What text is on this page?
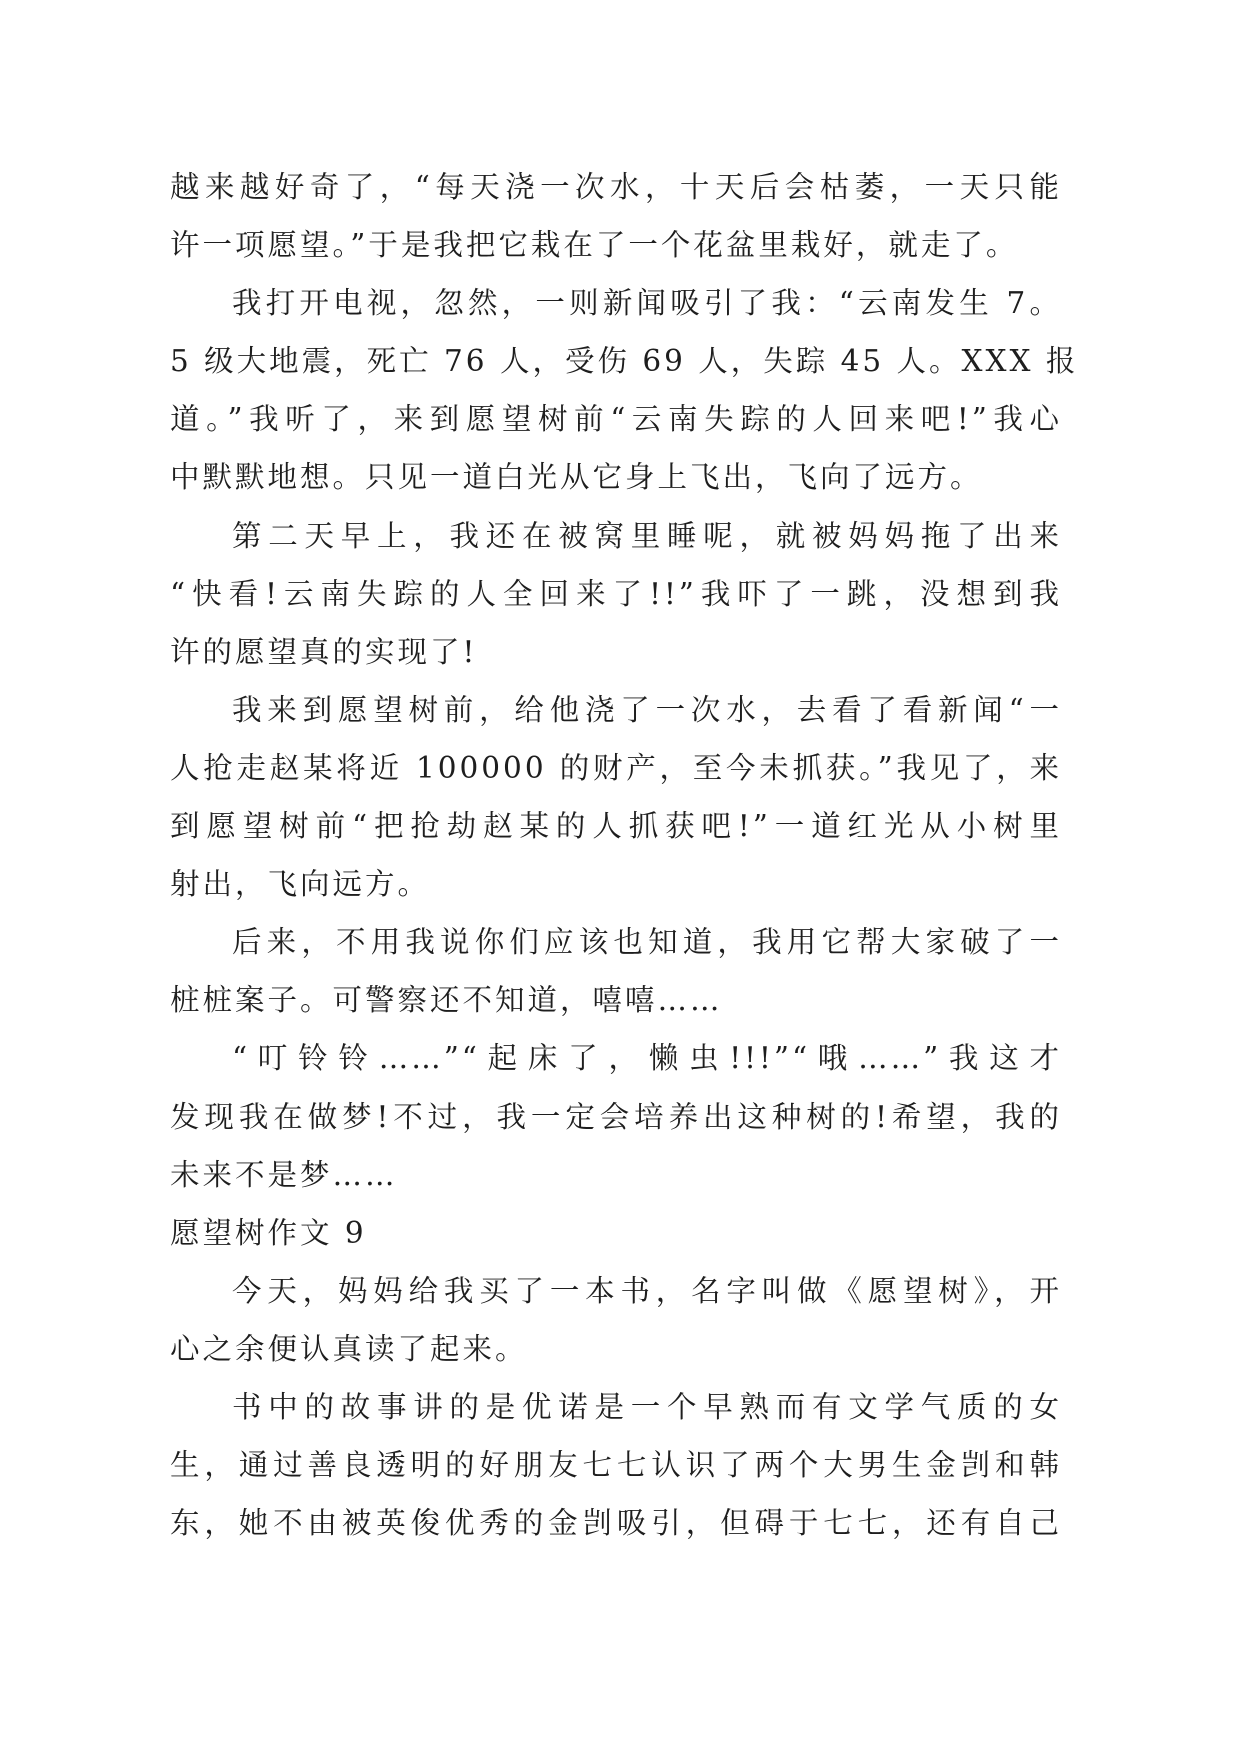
越来越好奇了，“每天浇一次水，十天后会枯萎，一天只能
许一项愿望。”于是我把它栽在了一个花盆里栽好，就走了。
我打开电视，忽然，一则新闻吸引了我：“云南发生 7。
5 级大地震，死亡 76 人，受伤 69 人，失踪 45 人。XXX 报
道。”我听了，来到愿望树前“云南失踪的人回来吧!”我心
中默默地想。只见一道白光从它身上飞出，飞向了远方。
第二天早上，我还在被窝里睡呢，就被妈妈拖了出来
“快看!云南失踪的人全回来了!!”我吓了一跳，没想到我
许的愿望真的实现了!
我来到愿望树前，给他浇了一次水，去看了看新闻“一
人抢走赵某将近 100000 的财产，至今未抓获。”我见了，来
到愿望树前“把抢劫赵某的人抓获吧!”一道红光从小树里
射出，飞向远方。
后来，不用我说你们应该也知道，我用它帮大家破了一
桩桩案子。可警察还不知道，嘻嘻……
“叮铃铃……”“起床了，懒虫!!!”“哦……”我这才
发现我在做梦!不过，我一定会培养出这种树的!希望，我的
未来不是梦……
愿望树作文 9
今天，妈妈给我买了一本书，名字叫做《愿望树》，开
心之余便认真读了起来。
书中的故事讲的是优诺是一个早熟而有文学气质的女
生，通过善良透明的好朋友七七认识了两个大男生金剀和韩
东，她不由被英俊优秀的金剀吸引，但碍于七七，还有自己
